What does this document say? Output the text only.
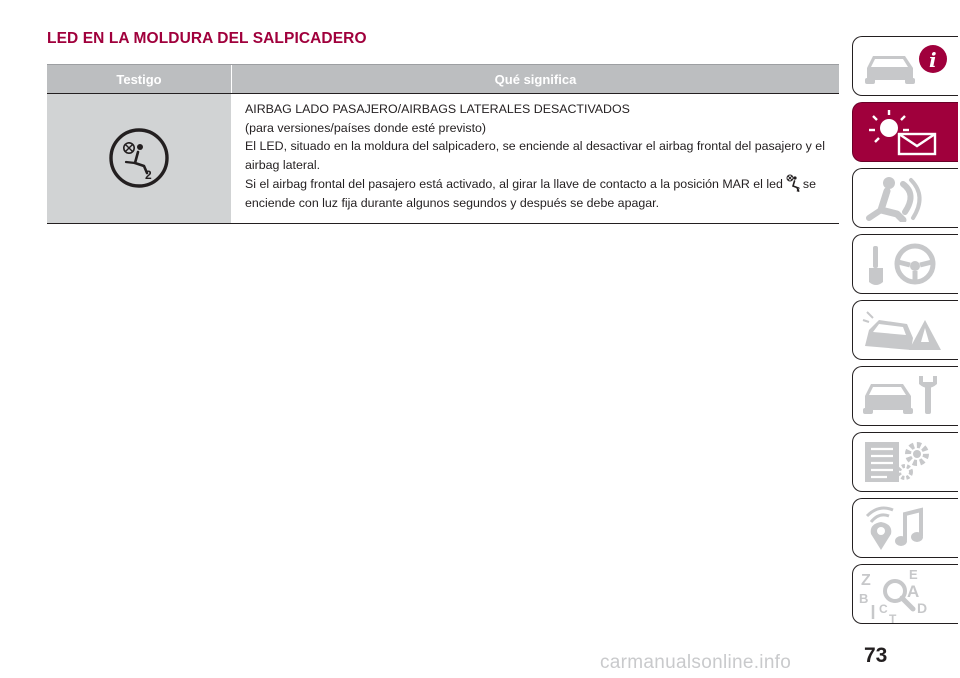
LED EN LA MOLDURA DEL SALPICADERO
Testigo	Qué significa
2

AIRBAG LADO PASAJERO/AIRBAGS LATERALES DESACTIVADOS

(para versiones/países donde esté previsto)

El LED, situado en la moldura del salpicadero, se enciende al desactivar el airbag frontal del pasajero y el airbag lateral.

Si el airbag frontal del pasajero está activado, al girar la llave de contacto a la posición MAR el led 2 se enciende con luz fija durante algunos segundos y después se debe apagar.

i
Z	E
B A
C D
T
73
carmanualsonline.info
